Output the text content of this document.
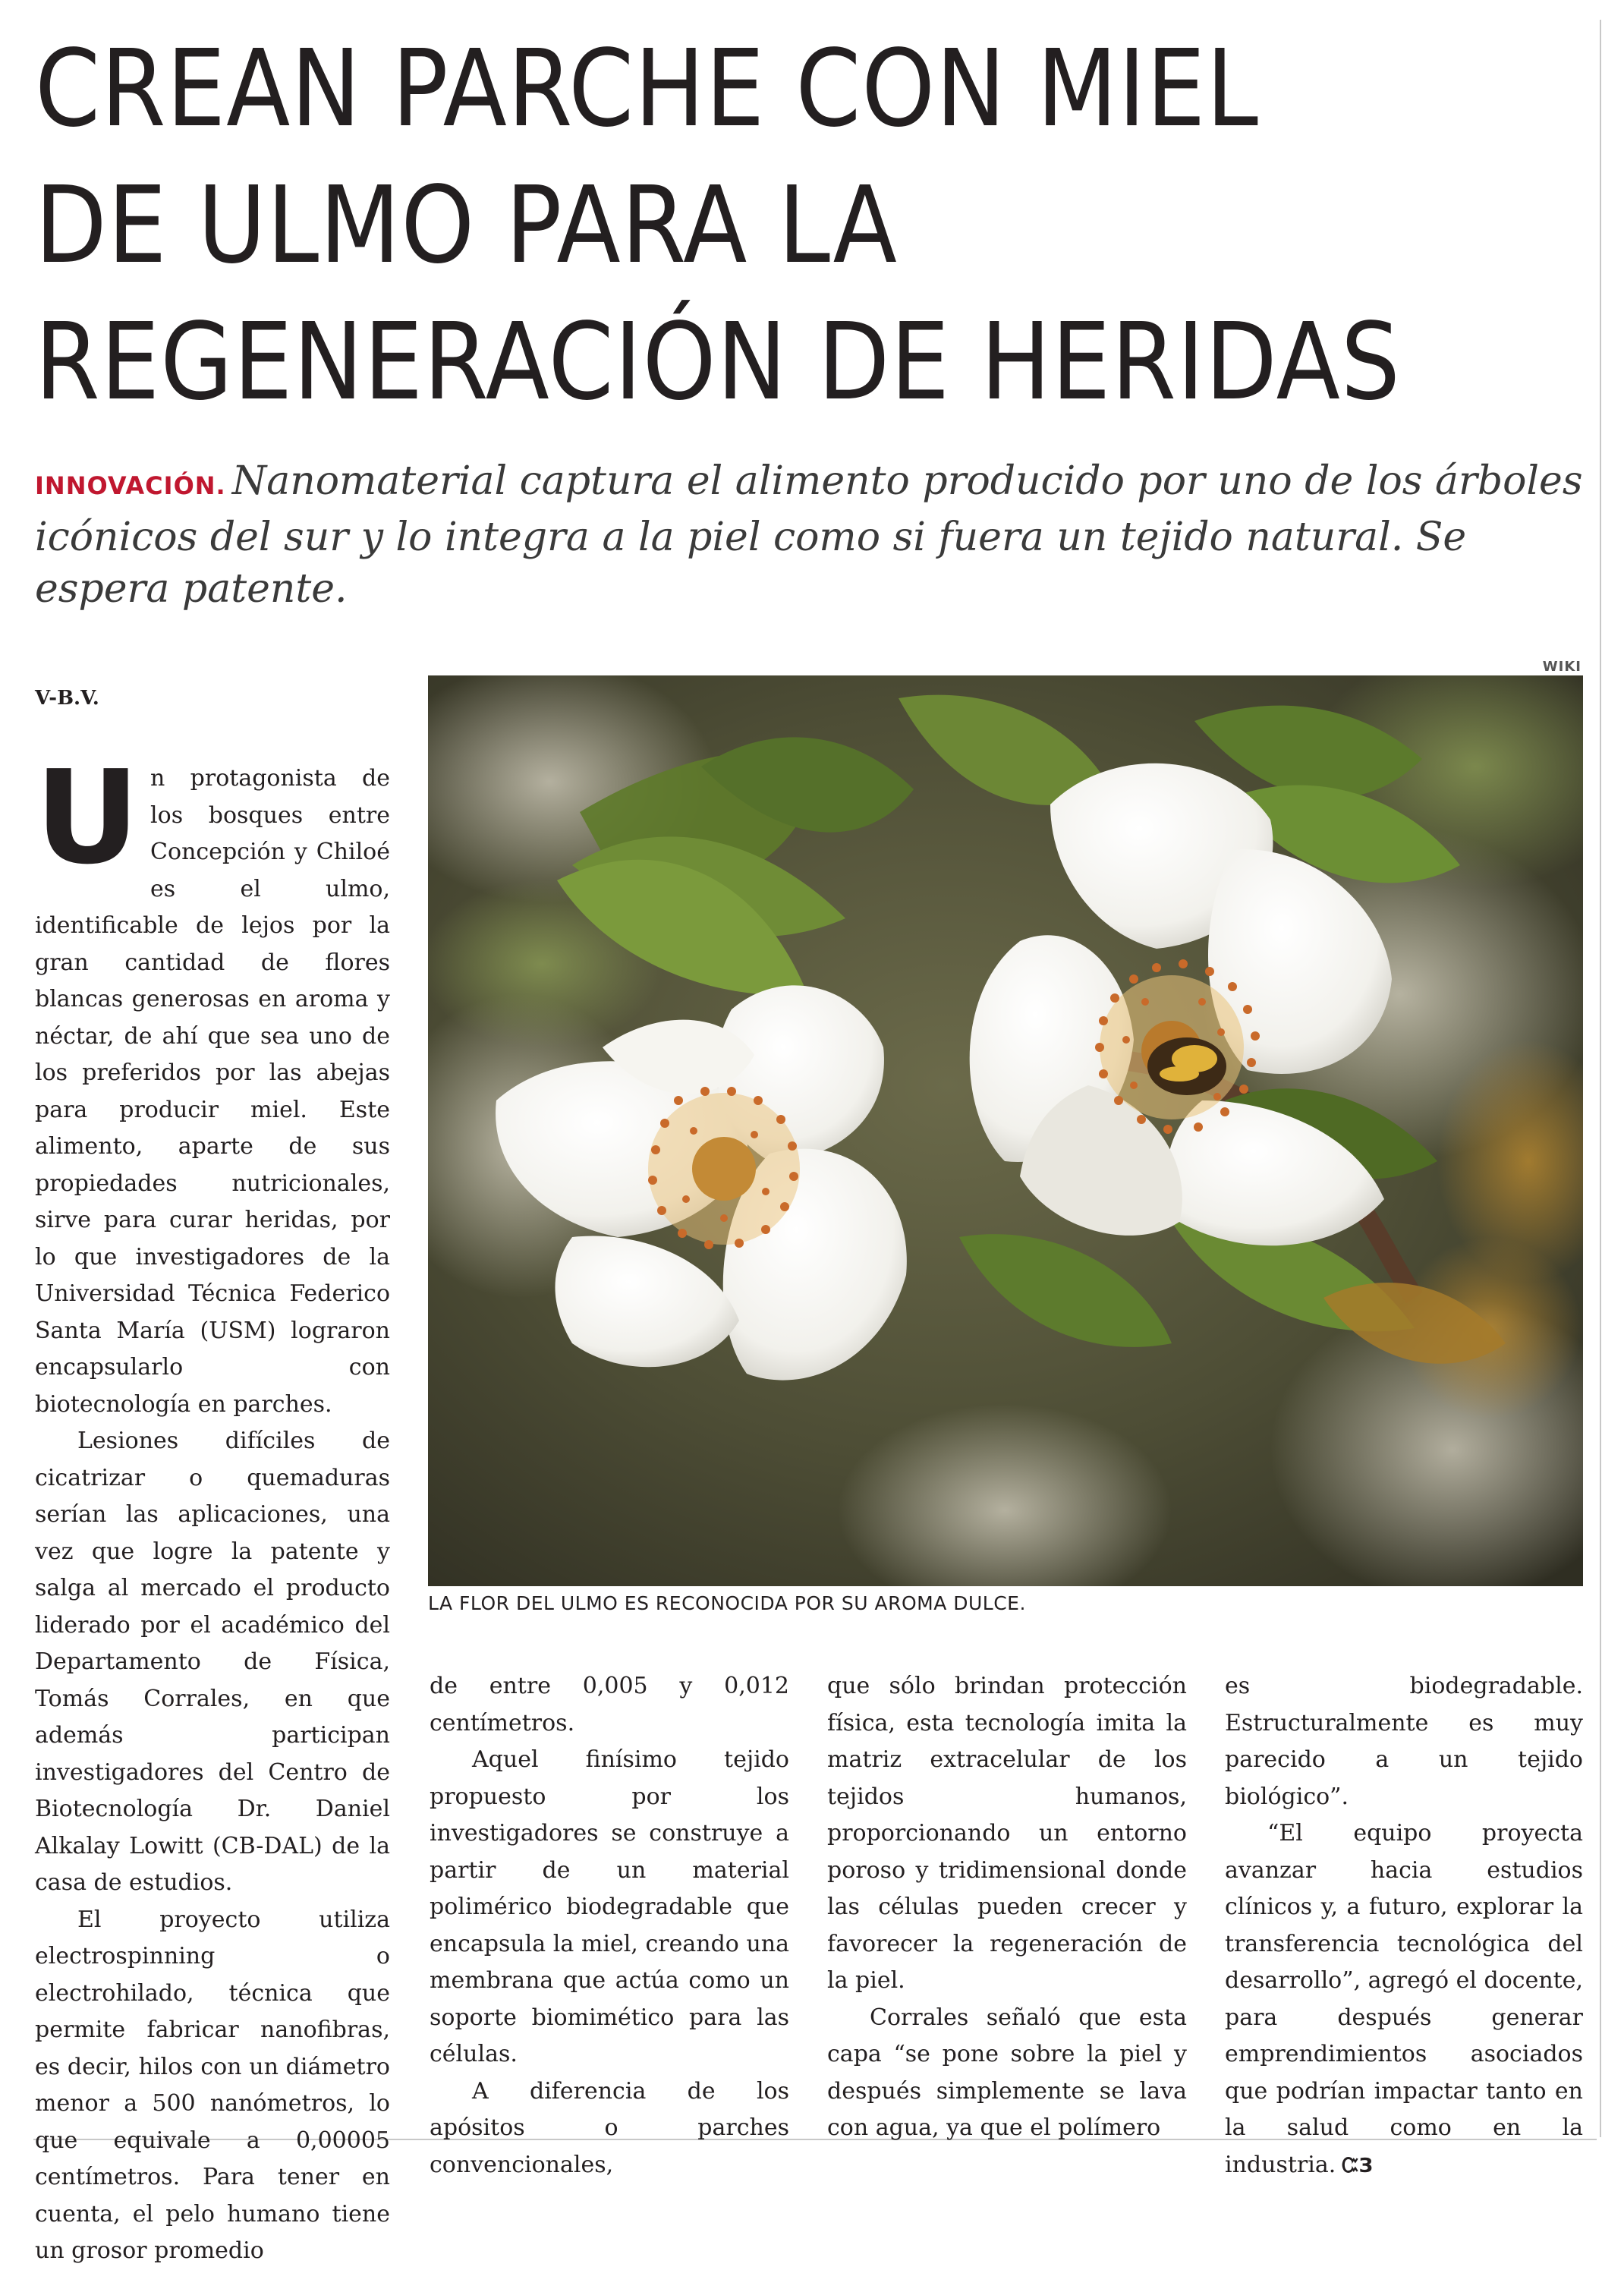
CREAN PARCHE CON MIEL
DE ULMO PARA LA
REGENERACIÓN DE HERIDAS

INNOVACIÓN. Nanomaterial captura el alimento producido por uno de los árboles icónicos del sur y lo integra a la piel como si fuera un tejido natural. Se espera patente.

V-B.V.
WIKI
LA FLOR DEL ULMO ES RECONOCIDA POR SU AROMA DULCE.

Un protagonista de los bosques entre Concepción y Chiloé es el ulmo, identificable de lejos por la gran cantidad de flores blancas generosas en aroma y néctar, de ahí que sea uno de los preferidos por las abejas para producir miel. Este alimento, aparte de sus propiedades nutricionales, sirve para curar heridas, por lo que investigadores de la Universidad Técnica Federico Santa María (USM) lograron encapsularlo con biotecnología en parches.

Lesiones difíciles de cicatrizar o quemaduras serían las aplicaciones, una vez que logre la patente y salga al mercado el producto liderado por el académico del Departamento de Física, Tomás Corrales, en que además participan investigadores del Centro de Biotecnología Dr. Daniel Alkalay Lowitt (CB-DAL) de la casa de estudios.

El proyecto utiliza electrospinning o electrohilado, técnica que permite fabricar nanofibras, es decir, hilos con un diámetro menor a 500 nanómetros, lo que equivale a 0,00005 centímetros. Para tener en cuenta, el pelo humano tiene un grosor promedio

de entre 0,005 y 0,012 centímetros.

Aquel finísimo tejido propuesto por los investigadores se construye a partir de un material polimérico biodegradable que encapsula la miel, creando una membrana que actúa como un soporte biomimético para las células.

A diferencia de los apósitos o parches convencionales,

que sólo brindan protección física, esta tecnología imita la matriz extracelular de los tejidos humanos, proporcionando un entorno poroso y tridimensional donde las células pueden crecer y favorecer la regeneración de la piel.

Corrales señaló que esta capa “se pone sobre la piel y después simplemente se lava con agua, ya que el polímero

es biodegradable. Estructuralmente es muy parecido a un tejido biológico”.

“El equipo proyecta avanzar hacia estudios clínicos y, a futuro, explorar la transferencia tecnológica del desarrollo”, agregó el docente, para después generar emprendimientos asociados que podrían impactar tanto en la salud como en la industria. ᏨЗ
